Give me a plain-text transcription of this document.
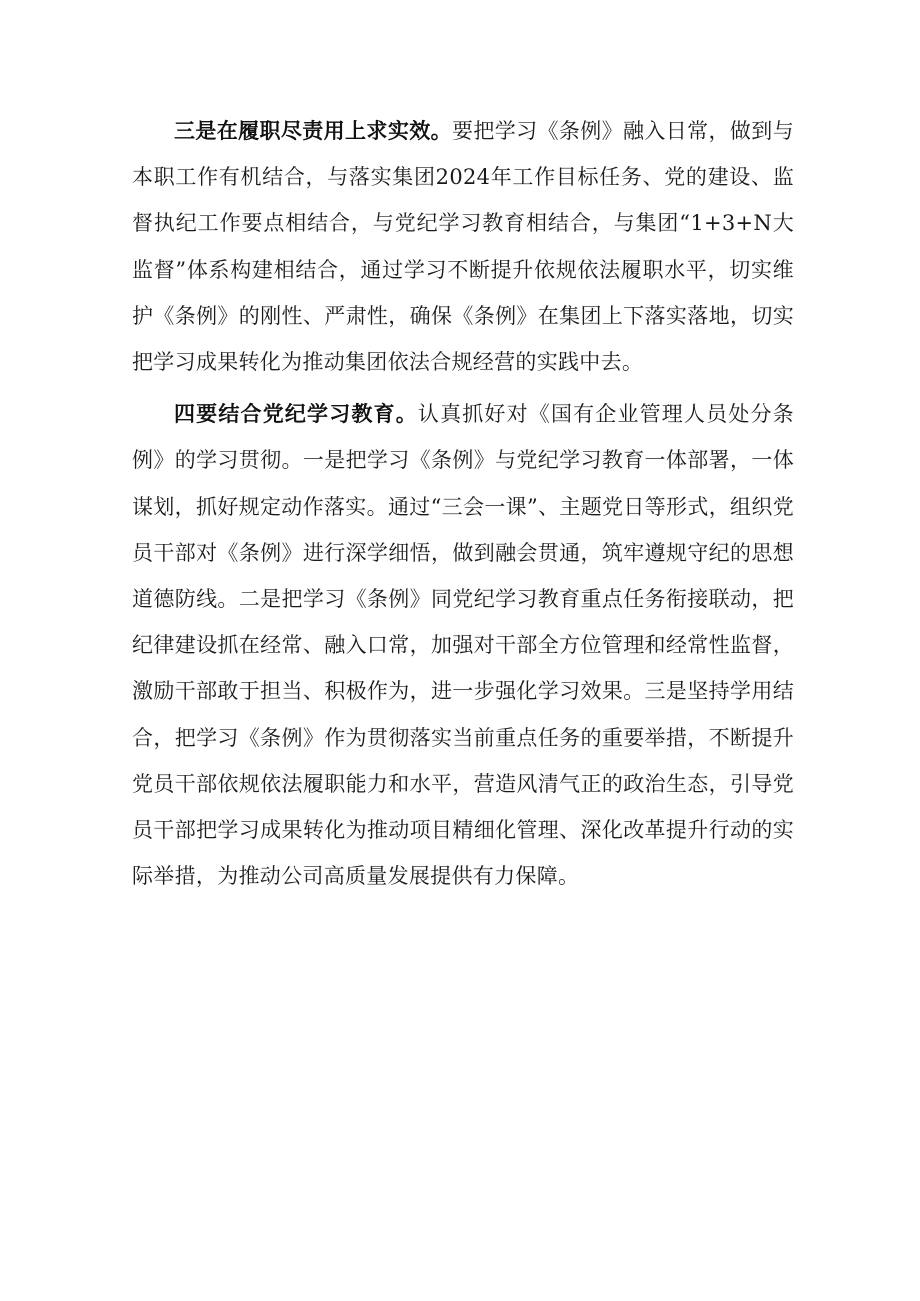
三是在履职尽责用上求实效。要把学习《条例》融入日常，做到与本职工作有机结合，与落实集团2024年工作目标任务、党的建设、监督执纪工作要点相结合，与党纪学习教育相结合，与集团“1+3+N大监督”体系构建相结合，通过学习不断提升依规依法履职水平，切实维护《条例》的刚性、严肃性，确保《条例》在集团上下落实落地，切实把学习成果转化为推动集团依法合规经营的实践中去。

四要结合党纪学习教育。认真抓好对《国有企业管理人员处分条例》的学习贯彻。一是把学习《条例》与党纪学习教育一体部署，一体谋划，抓好规定动作落实。通过“三会一课”、主题党日等形式，组织党员干部对《条例》进行深学细悟，做到融会贯通，筑牢遵规守纪的思想道德防线。二是把学习《条例》同党纪学习教育重点任务衔接联动，把纪律建设抓在经常、融入口常，加强对干部全方位管理和经常性监督，激励干部敢于担当、积极作为，进一步强化学习效果。三是坚持学用结合，把学习《条例》作为贯彻落实当前重点任务的重要举措，不断提升党员干部依规依法履职能力和水平，营造风清气正的政治生态，引导党员干部把学习成果转化为推动项目精细化管理、深化改革提升行动的实际举措，为推动公司高质量发展提供有力保障。
